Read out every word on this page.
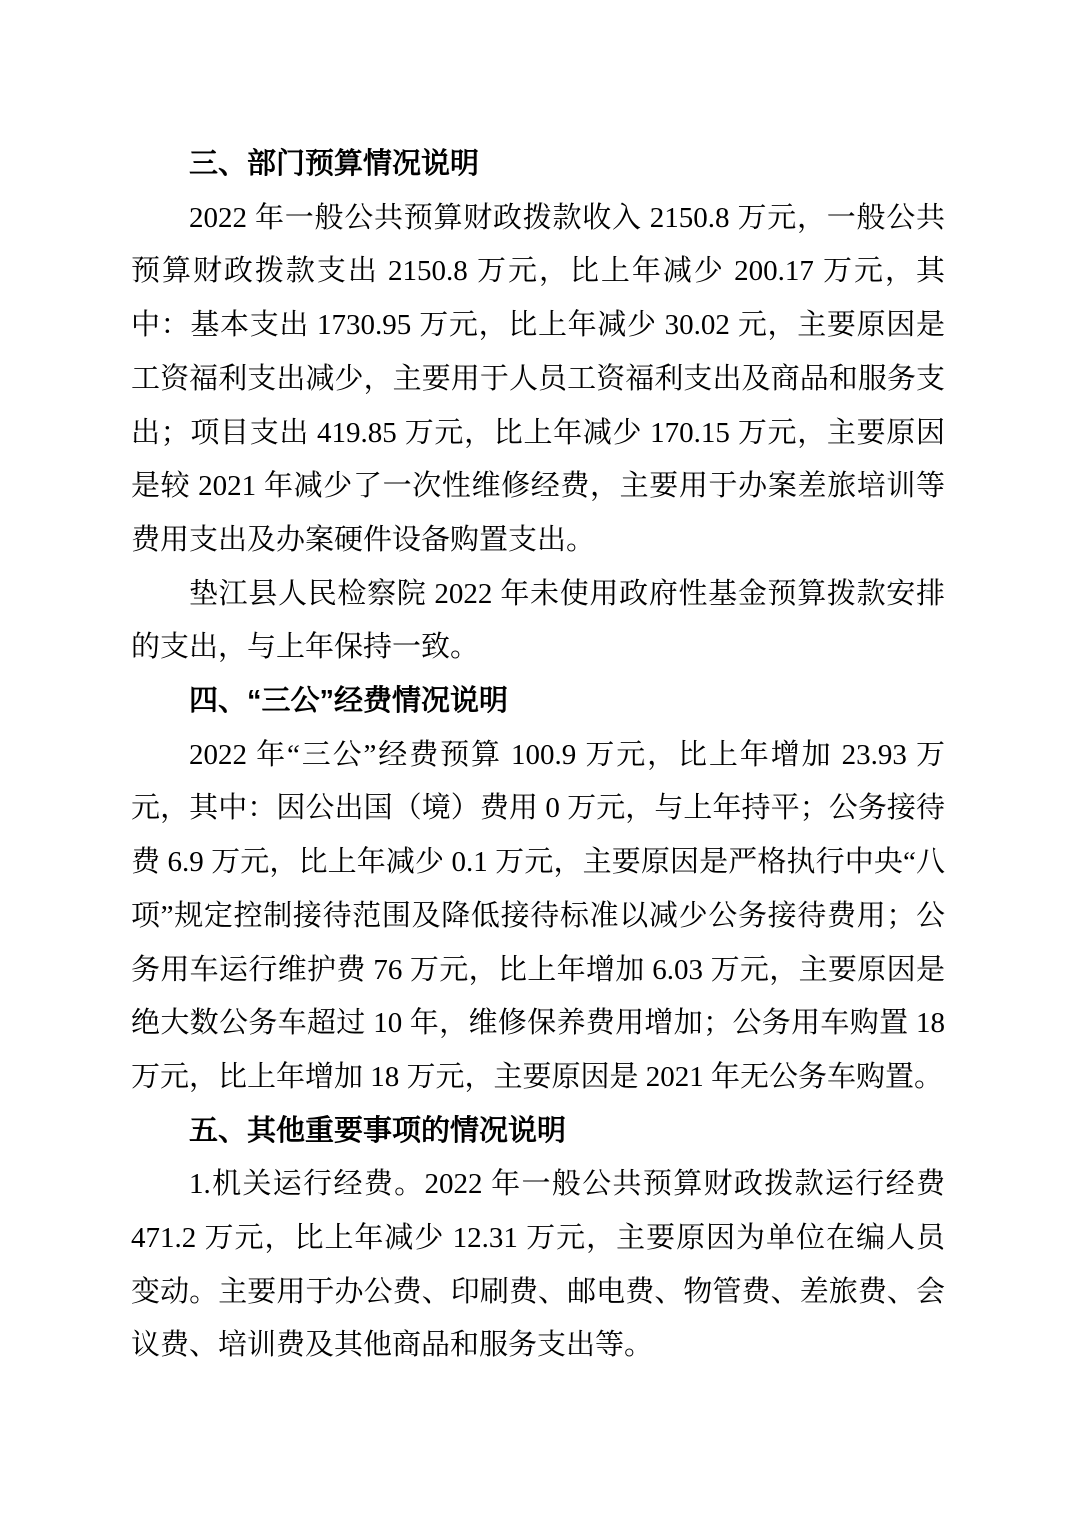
三、部门预算情况说明

2022 年一般公共预算财政拨款收入 2150.8 万元，一般公共预算财政拨款支出 2150.8 万元，比上年减少 200.17 万元，其中：基本支出 1730.95 万元，比上年减少 30.02 元，主要原因是工资福利支出减少，主要用于人员工资福利支出及商品和服务支出；项目支出 419.85 万元，比上年减少 170.15 万元，主要原因是较 2021 年减少了一次性维修经费，主要用于办案差旅培训等费用支出及办案硬件设备购置支出。

垫江县人民检察院 2022 年未使用政府性基金预算拨款安排的支出，与上年保持一致。

四、“三公”经费情况说明

2022 年“三公”经费预算 100.9 万元，比上年增加 23.93 万元，其中：因公出国（境）费用 0 万元，与上年持平；公务接待费 6.9 万元，比上年减少 0.1 万元，主要原因是严格执行中央“八项”规定控制接待范围及降低接待标准以减少公务接待费用；公务用车运行维护费 76 万元，比上年增加 6.03 万元，主要原因是绝大数公务车超过 10 年，维修保养费用增加；公务用车购置 18 万元，比上年增加 18 万元，主要原因是 2021 年无公务车购置。

五、其他重要事项的情况说明

1.机关运行经费。2022 年一般公共预算财政拨款运行经费 471.2 万元，比上年减少 12.31 万元，主要原因为单位在编人员变动。主要用于办公费、印刷费、邮电费、物管费、差旅费、会议费、培训费及其他商品和服务支出等。
